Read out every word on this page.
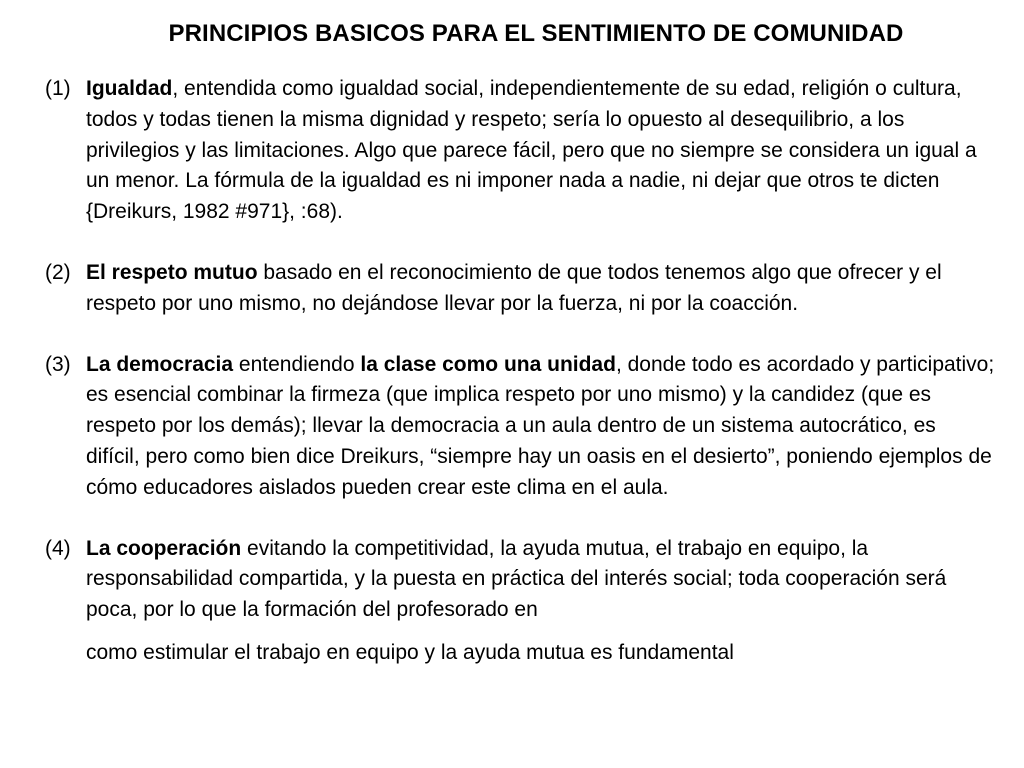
PRINCIPIOS BASICOS PARA EL SENTIMIENTO DE COMUNIDAD
(1) Igualdad, entendida como igualdad social, independientemente de su edad, religión o cultura, todos y todas tienen la misma dignidad y respeto; sería lo opuesto al desequilibrio, a los privilegios y las limitaciones. Algo que parece fácil, pero que no siempre se considera un igual a un menor. La fórmula de la igualdad es ni imponer nada a nadie, ni dejar que otros te dicten {Dreikurs, 1982 #971}, :68).
(2) El respeto mutuo basado en el reconocimiento de que todos tenemos algo que ofrecer y el respeto por uno mismo, no dejándose llevar por la fuerza, ni por la coacción.
(3) La democracia entendiendo la clase como una unidad, donde todo es acordado y participativo; es esencial combinar la firmeza (que implica respeto por uno mismo) y la candidez (que es respeto por los demás); llevar la democracia a un aula dentro de un sistema autocrático, es difícil, pero como bien dice Dreikurs, “siempre hay un oasis en el desierto”, poniendo ejemplos de cómo educadores aislados pueden crear este clima en el aula.
(4) La cooperación evitando la competitividad, la ayuda mutua, el trabajo en equipo, la responsabilidad compartida, y la puesta en práctica del interés social; toda cooperación será poca, por lo que la formación del profesorado en
como estimular el trabajo en equipo y la ayuda mutua es fundamental
